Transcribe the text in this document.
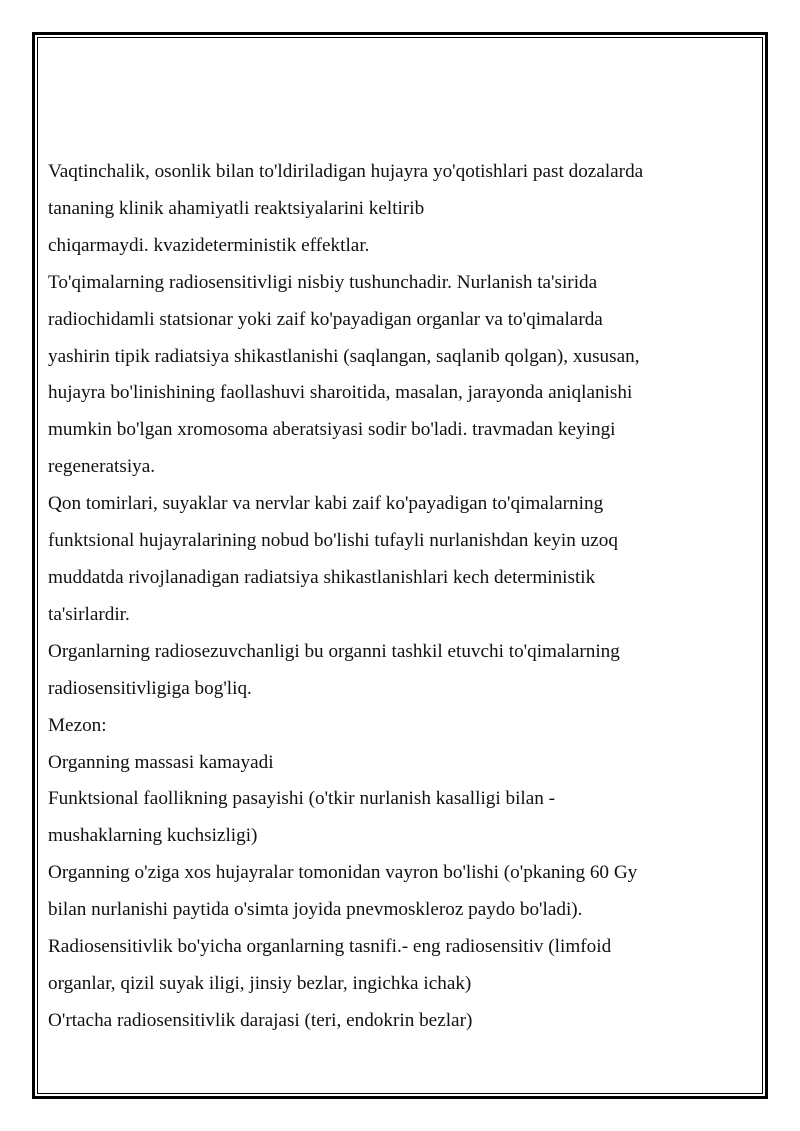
Vaqtinchalik, osonlik bilan to'ldiriladigan hujayra yo'qotishlari past dozalarda
tananing klinik ahamiyatli reaktsiyalarini keltirib
chiqarmaydi. kvazideterministik effektlar.
To'qimalarning radiosensitivligi nisbiy tushunchadir. Nurlanish ta'sirida
radiochidamli statsionar yoki zaif ko'payadigan organlar va to'qimalarda
yashirin tipik radiatsiya shikastlanishi (saqlangan, saqlanib qolgan), xususan,
hujayra bo'linishining faollashuvi sharoitida, masalan, jarayonda aniqlanishi
mumkin bo'lgan xromosoma aberatsiyasi sodir bo'ladi. travmadan keyingi
regeneratsiya.
Qon tomirlari, suyaklar va nervlar kabi zaif ko'payadigan to'qimalarning
funktsional hujayralarining nobud bo'lishi tufayli nurlanishdan keyin uzoq
muddatda rivojlanadigan radiatsiya shikastlanishlari kech deterministik
ta'sirlardir.
Organlarning radiosezuvchanligi bu organni tashkil etuvchi to'qimalarning
radiosensitivligiga bog'liq.
Mezon:
Organning massasi kamayadi
Funktsional faollikning pasayishi (o'tkir nurlanish kasalligi bilan -
mushaklarning kuchsizligi)
Organning o'ziga xos hujayralar tomonidan vayron bo'lishi (o'pkaning 60 Gy
bilan nurlanishi paytida o'simta joyida pnevmoskleroz paydo bo'ladi).
Radiosensitivlik bo'yicha organlarning tasnifi.- eng radiosensitiv (limfoid
organlar, qizil suyak iligi, jinsiy bezlar, ingichka ichak)
O'rtacha radiosensitivlik darajasi (teri, endokrin bezlar)
